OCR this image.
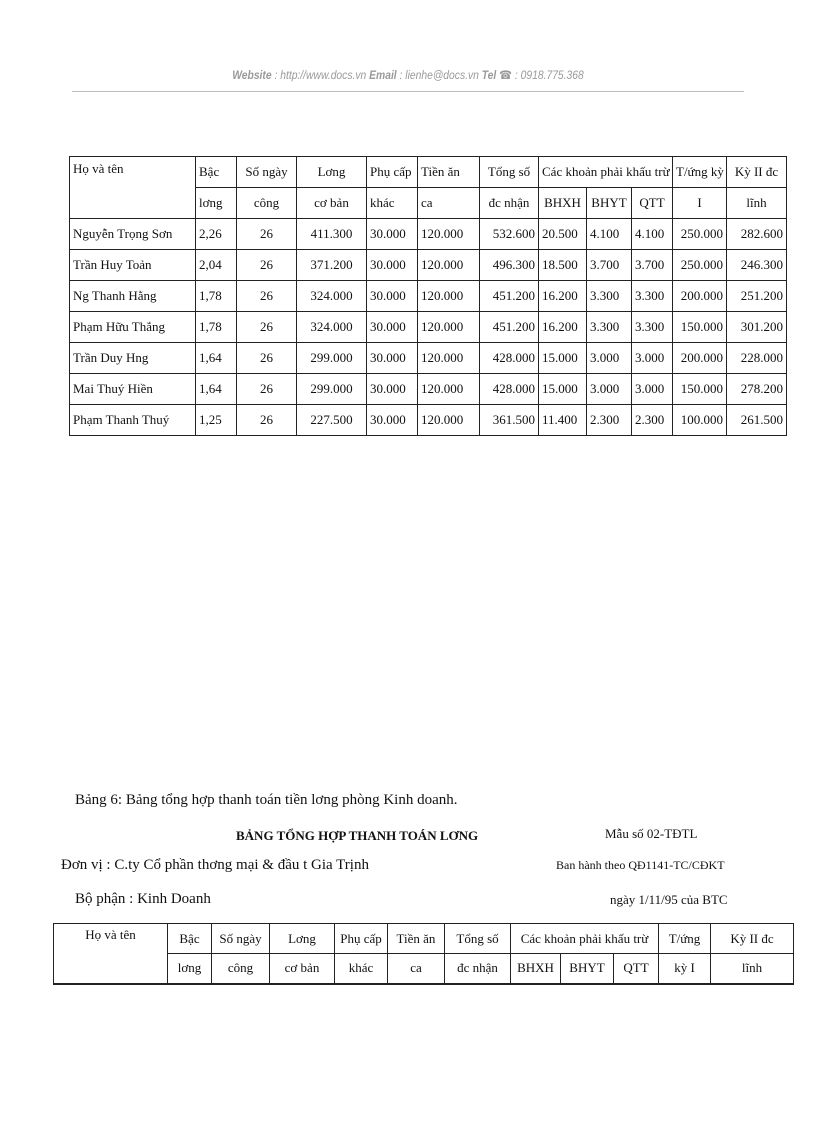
Website : http://www.docs.vn Email : lienhe@docs.vn Tel ☎ : 0918.775.368
Họ và tên	Bậc	Số ngày	Lơng	Phụ cấp	Tiền ăn	Tổng số	Các khoản phải khấu trừ			T/ứng kỳ	Kỳ II đc
	lơng	công	cơ bản	khác	ca	đc nhận	BHXH	BHYT	QTT	I	lĩnh
Nguyễn Trọng Sơn	2,26	26	411.300	30.000	120.000	532.600	20.500	4.100	4.100	250.000	282.600
Trần Huy Toản	2,04	26	371.200	30.000	120.000	496.300	18.500	3.700	3.700	250.000	246.300
Ng Thanh Hằng	1,78	26	324.000	30.000	120.000	451.200	16.200	3.300	3.300	200.000	251.200
Phạm Hữu Thắng	1,78	26	324.000	30.000	120.000	451.200	16.200	3.300	3.300	150.000	301.200
Trần Duy Hng	1,64	26	299.000	30.000	120.000	428.000	15.000	3.000	3.000	200.000	228.000
Mai Thuý Hiền	1,64	26	299.000	30.000	120.000	428.000	15.000	3.000	3.000	150.000	278.200
Phạm Thanh Thuý	1,25	26	227.500	30.000	120.000	361.500	11.400	2.300	2.300	100.000	261.500
Bảng 6: Bảng tổng hợp thanh toán tiền lơng phòng Kinh doanh.
BẢNG TỔNG HỢP THANH TOÁN LƠNG	Mẫu số 02-TĐTL
Đơn vị : C.ty Cổ phần thơng mại & đầu t Gia Trịnh	Ban hành theo QĐ1141-TC/CĐKT
Bộ phận : Kinh Doanh	ngày 1/11/95 của BTC
Họ và tên	Bậc	Số ngày	Lơng	Phụ cấp	Tiền ăn	Tổng số	Các khoản phải khấu trừ			T/ứng	Kỳ II đc
	lơng	công	cơ bản	khác	ca	đc nhận	BHXH	BHYT	QTT	kỳ I	lĩnh
